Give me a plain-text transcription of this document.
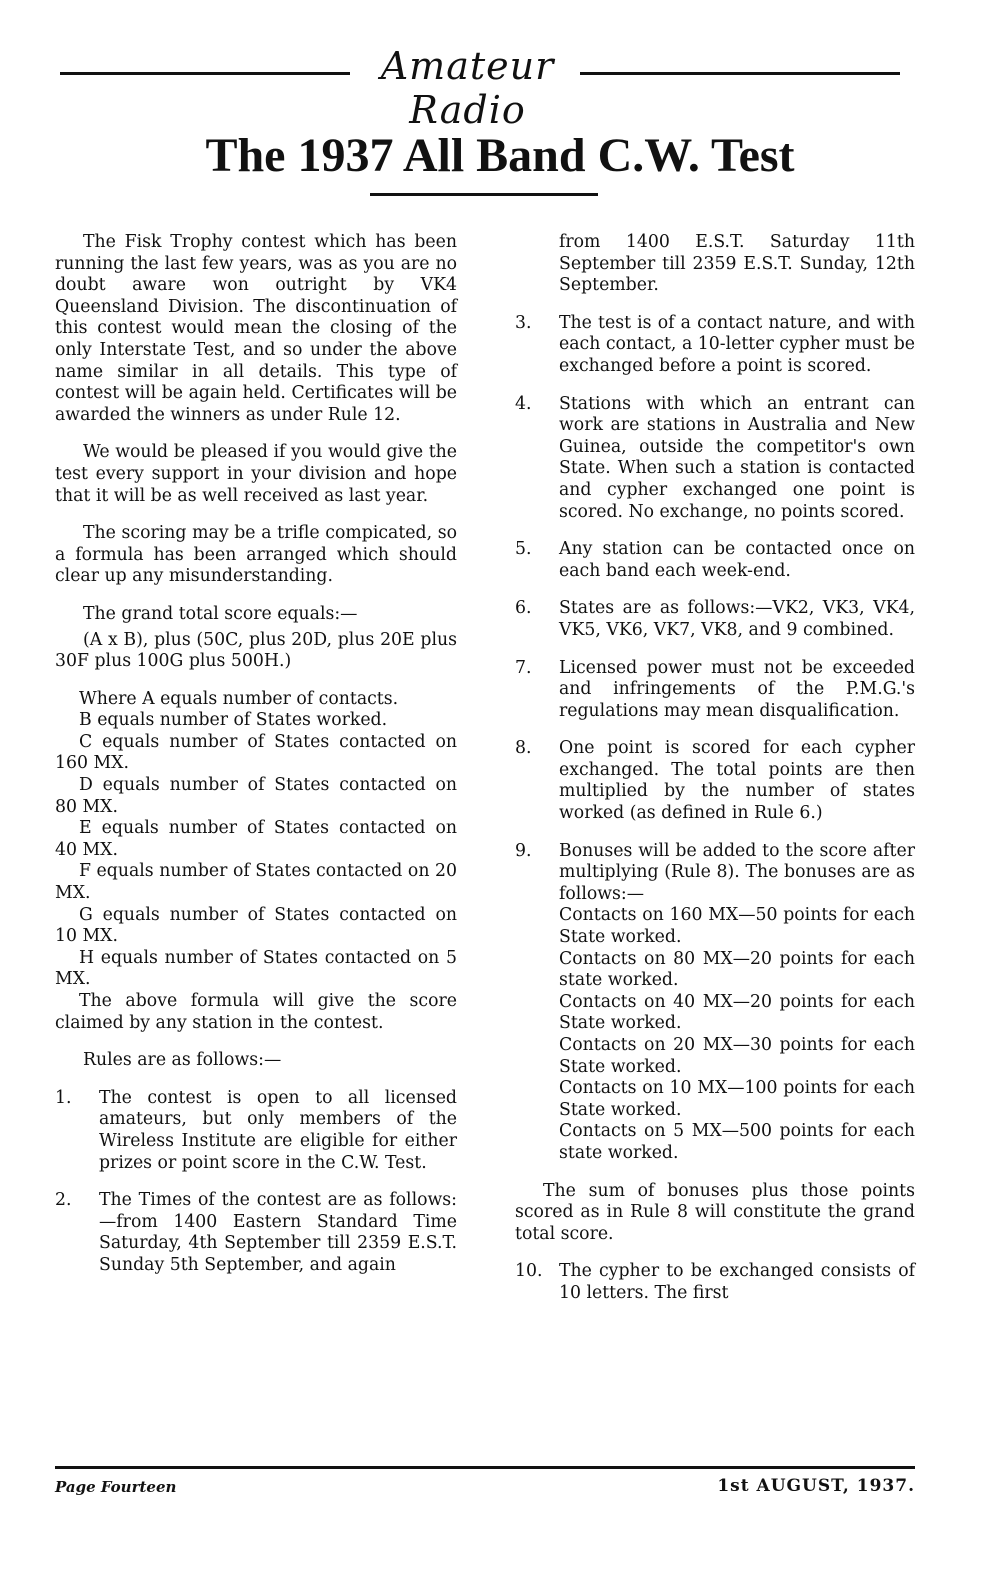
Amateur Radio
The 1937 All Band C.W. Test

The Fisk Trophy contest which has been running the last few years, was as you are no doubt aware won outright by VK4 Queensland Division. The discontinuation of this contest would mean the closing of the only Interstate Test, and so under the above name similar in all details. This type of contest will be again held. Certificates will be awarded the winners as under Rule 12.

We would be pleased if you would give the test every support in your division and hope that it will be as well received as last year.

The scoring may be a trifle compicated, so a formula has been arranged which should clear up any misunderstanding.

The grand total score equals:—

(A x B), plus (50C, plus 20D, plus 20E plus 30F plus 100G plus 500H.)

Where A equals number of contacts.
B equals number of States worked.
C equals number of States contacted on 160 MX.
D equals number of States contacted on 80 MX.
E equals number of States contacted on 40 MX.
F equals number of States contacted on 20 MX.
G equals number of States contacted on 10 MX.
H equals number of States contacted on 5 MX.
The above formula will give the score claimed by any station in the contest.

Rules are as follows:—

1.	The contest is open to all licensed amateurs, but only members of the Wireless Institute are eligible for either prizes or point score in the C.W. Test.
2.	The Times of the contest are as follows:—from 1400 Eastern Standard Time Saturday, 4th September till 2359 E.S.T. Sunday 5th September, and again
from 1400 E.S.T. Saturday 11th September till 2359 E.S.T. Sunday, 12th September.
3.	The test is of a contact nature, and with each contact, a 10-letter cypher must be exchanged before a point is scored.
4.	Stations with which an entrant can work are stations in Australia and New Guinea, outside the competitor's own State. When such a station is contacted and cypher exchanged one point is scored. No exchange, no points scored.
5.	Any station can be contacted once on each band each week-end.
6.	States are as follows:—VK2, VK3, VK4, VK5, VK6, VK7, VK8, and 9 combined.
7.	Licensed power must not be exceeded and infringements of the P.M.G.'s regulations may mean disqualification.
8.	One point is scored for each cypher exchanged. The total points are then multiplied by the number of states worked (as defined in Rule 6.)
9.	Bonuses will be added to the score after multiplying (Rule 8). The bonuses are as follows:—
Contacts on 160 MX—50 points for each State worked.
Contacts on 80 MX—20 points for each state worked.
Contacts on 40 MX—20 points for each State worked.
Contacts on 20 MX—30 points for each State worked.
Contacts on 10 MX—100 points for each State worked.
Contacts on 5 MX—500 points for each state worked.

The sum of bonuses plus those points scored as in Rule 8 will constitute the grand total score.

10. The cypher to be exchanged consists of 10 letters. The first
Page Fourteen	1st AUGUST, 1937.
